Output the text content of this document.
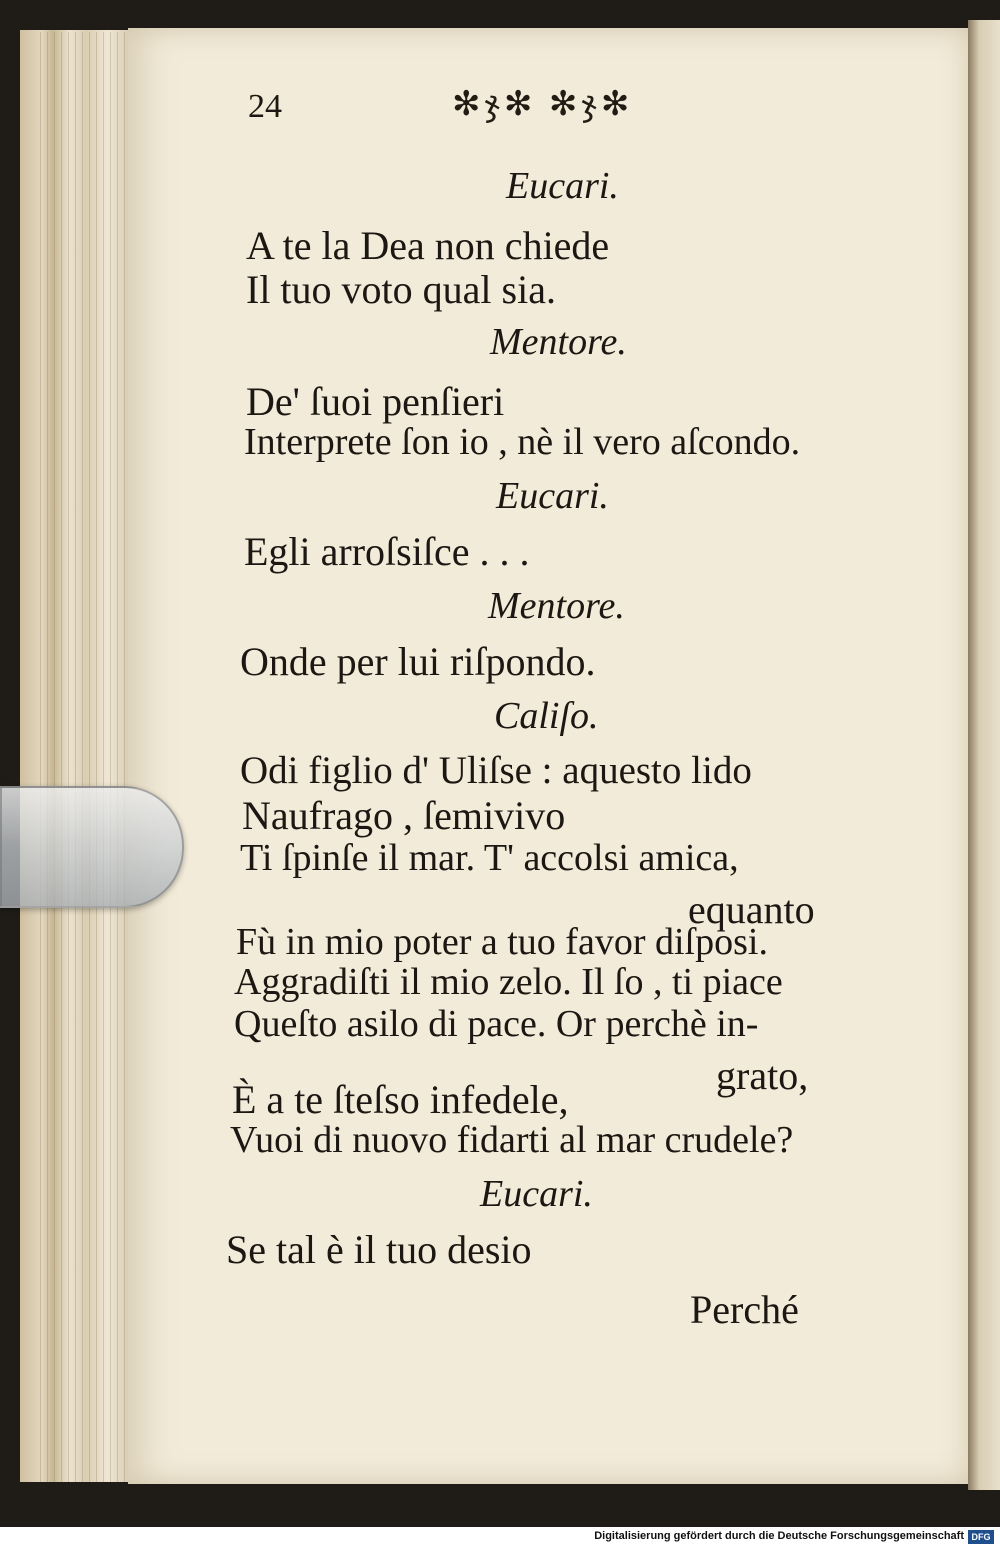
24	✻ჯ✻ ✻ჯ✻
Eucari.
A te la Dea non chiede
Il tuo voto qual sia.
Mentore.
De' ſuoi penſieri
Interprete ſon io , nè il vero aſcondo.
Eucari.
Egli arroſsiſce . . .
Mentore.
Onde per lui riſpondo.
Caliſo.
Odi figlio d' Uliſse : aquesto lido
Naufrago , ſemivivo
Ti ſpinſe il mar. T' accolsi amica,
equanto
Fù in mio poter a tuo favor diſposi.
Aggradiſti il mio zelo. Il ſo , ti piace
Queſto asilo di pace. Or perchè in-
grato,
È a te ſteſso infedele,
Vuoi di nuovo fidarti al mar crudele?
Eucari.
Se tal è il tuo desio
Perché
Digitalisierung gefördert durch die Deutsche Forschungsgemeinschaft DFG
